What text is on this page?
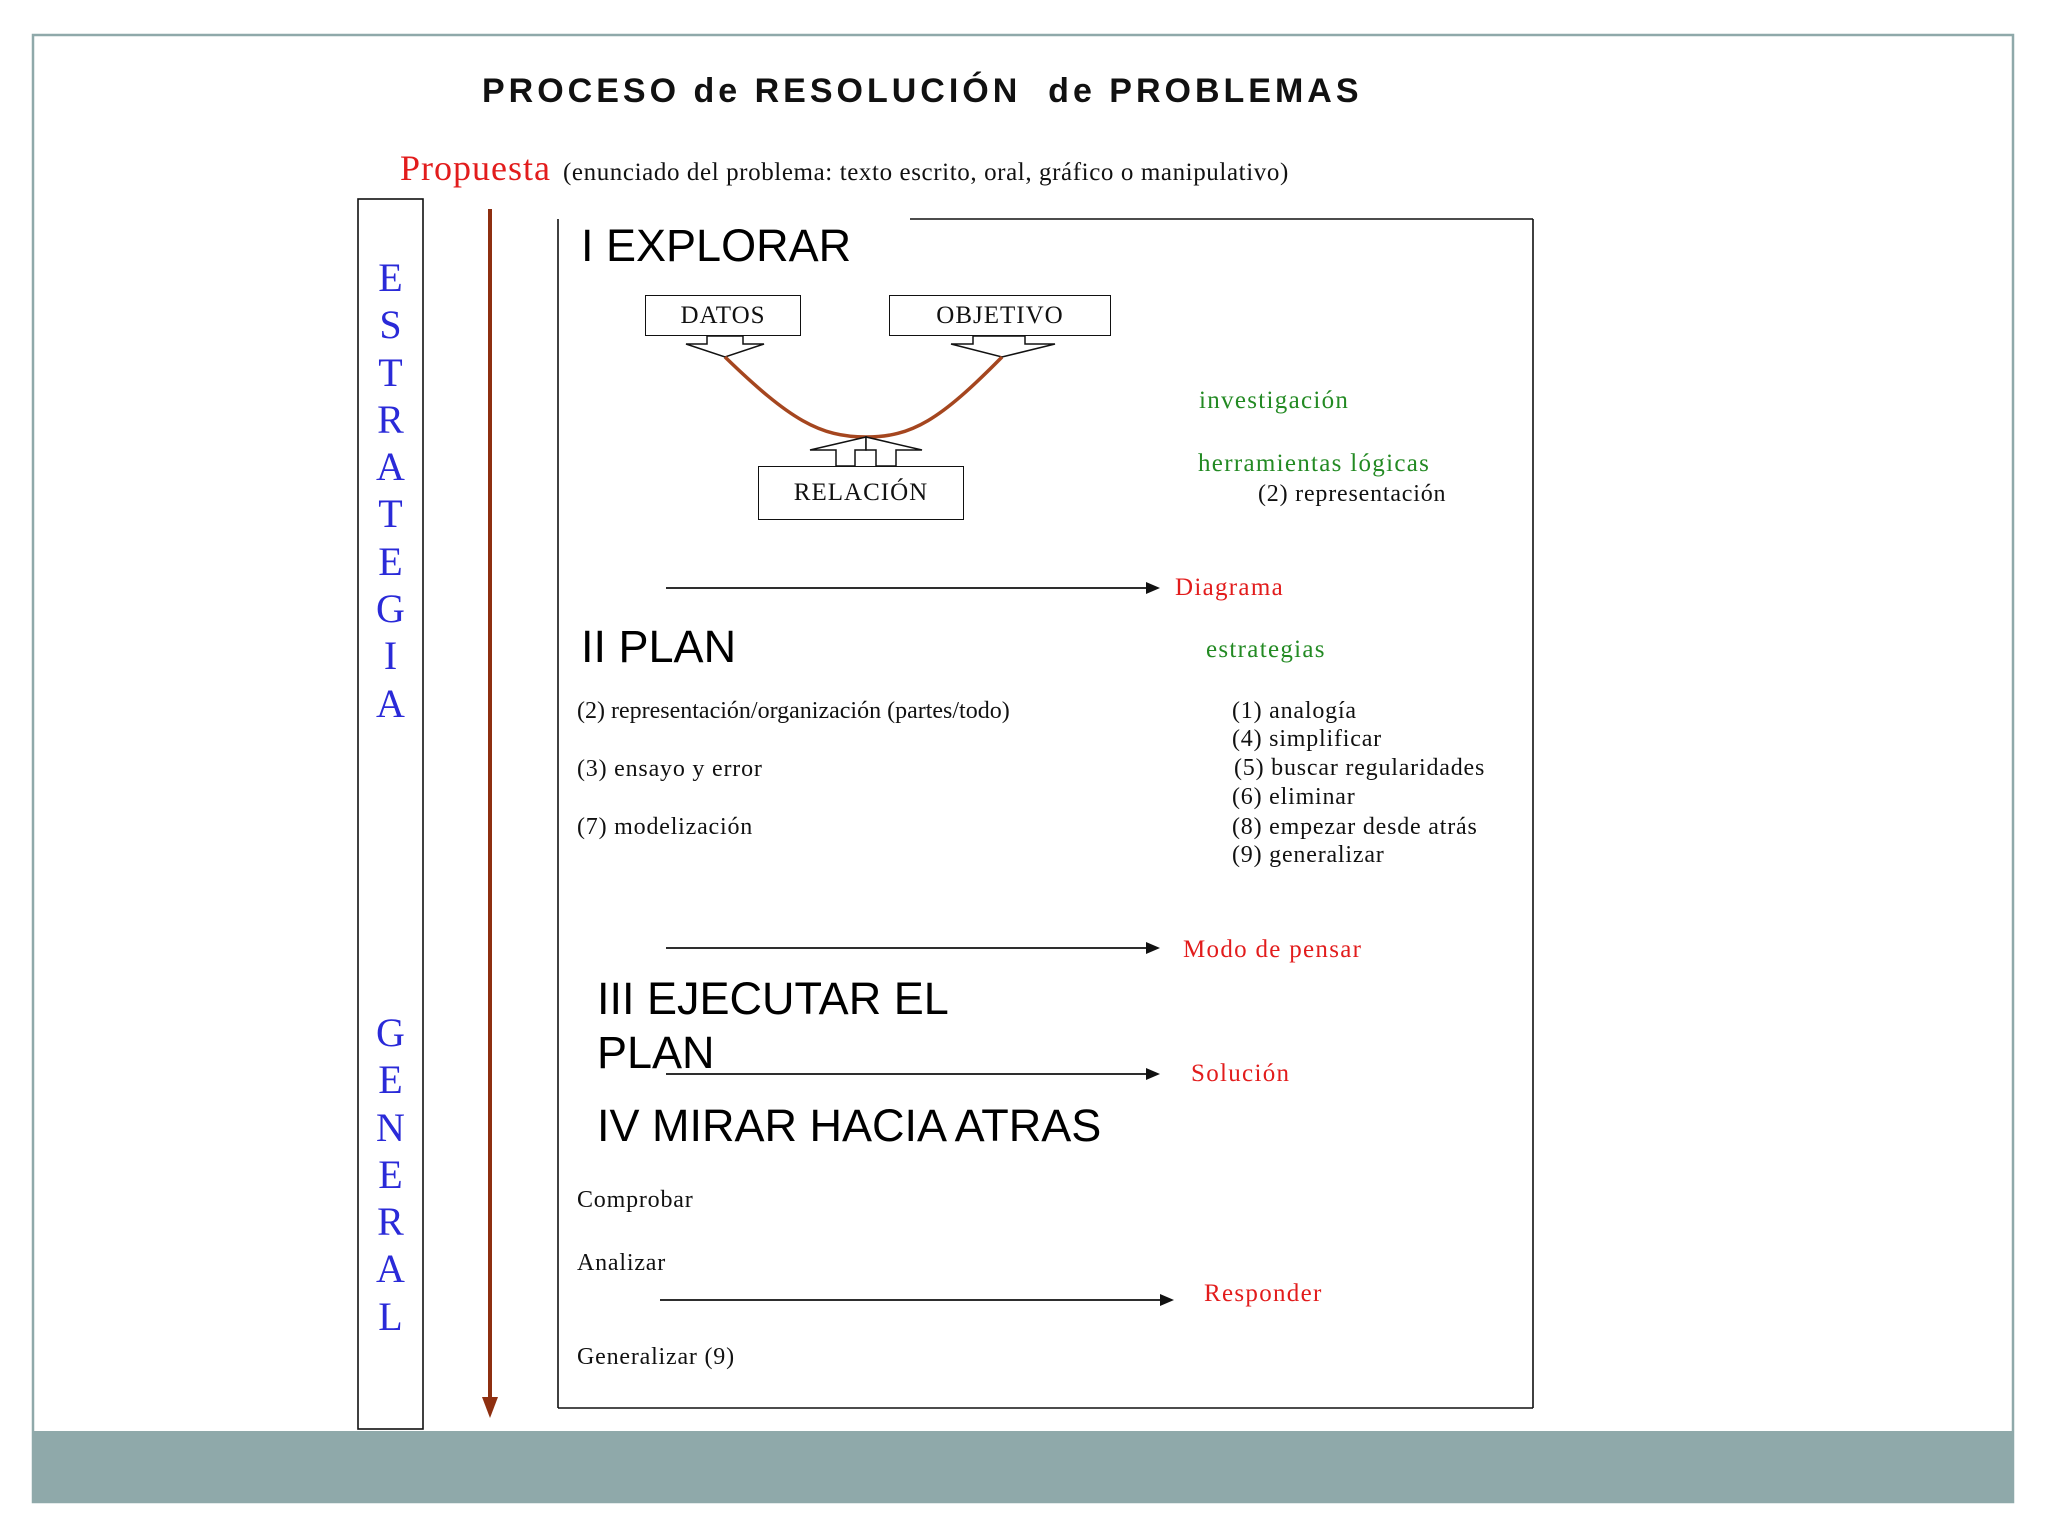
PROCESO de RESOLUCIÓN  de PROBLEMAS
Propuesta (enunciado del problema: texto escrito, oral, gráfico o manipulativo)
E
S
T
R
A
T
E
G
I
A
G
E
N
E
R
A
L
I EXPLORAR
DATOS	OBJETIVO
RELACIÓN
investigación
herramientas lógicas
(2) representación
Diagrama
II PLAN	estrategias
(2) representación/organización (partes/todo)
(3) ensayo y error
(7) modelización
(1) analogía
(4) simplificar
(5) buscar regularidades
(6) eliminar
(8) empezar desde atrás
(9) generalizar
Modo de pensar
III EJECUTAR EL PLAN	Solución
IV MIRAR HACIA ATRAS
Comprobar
Analizar
Responder
Generalizar (9)
